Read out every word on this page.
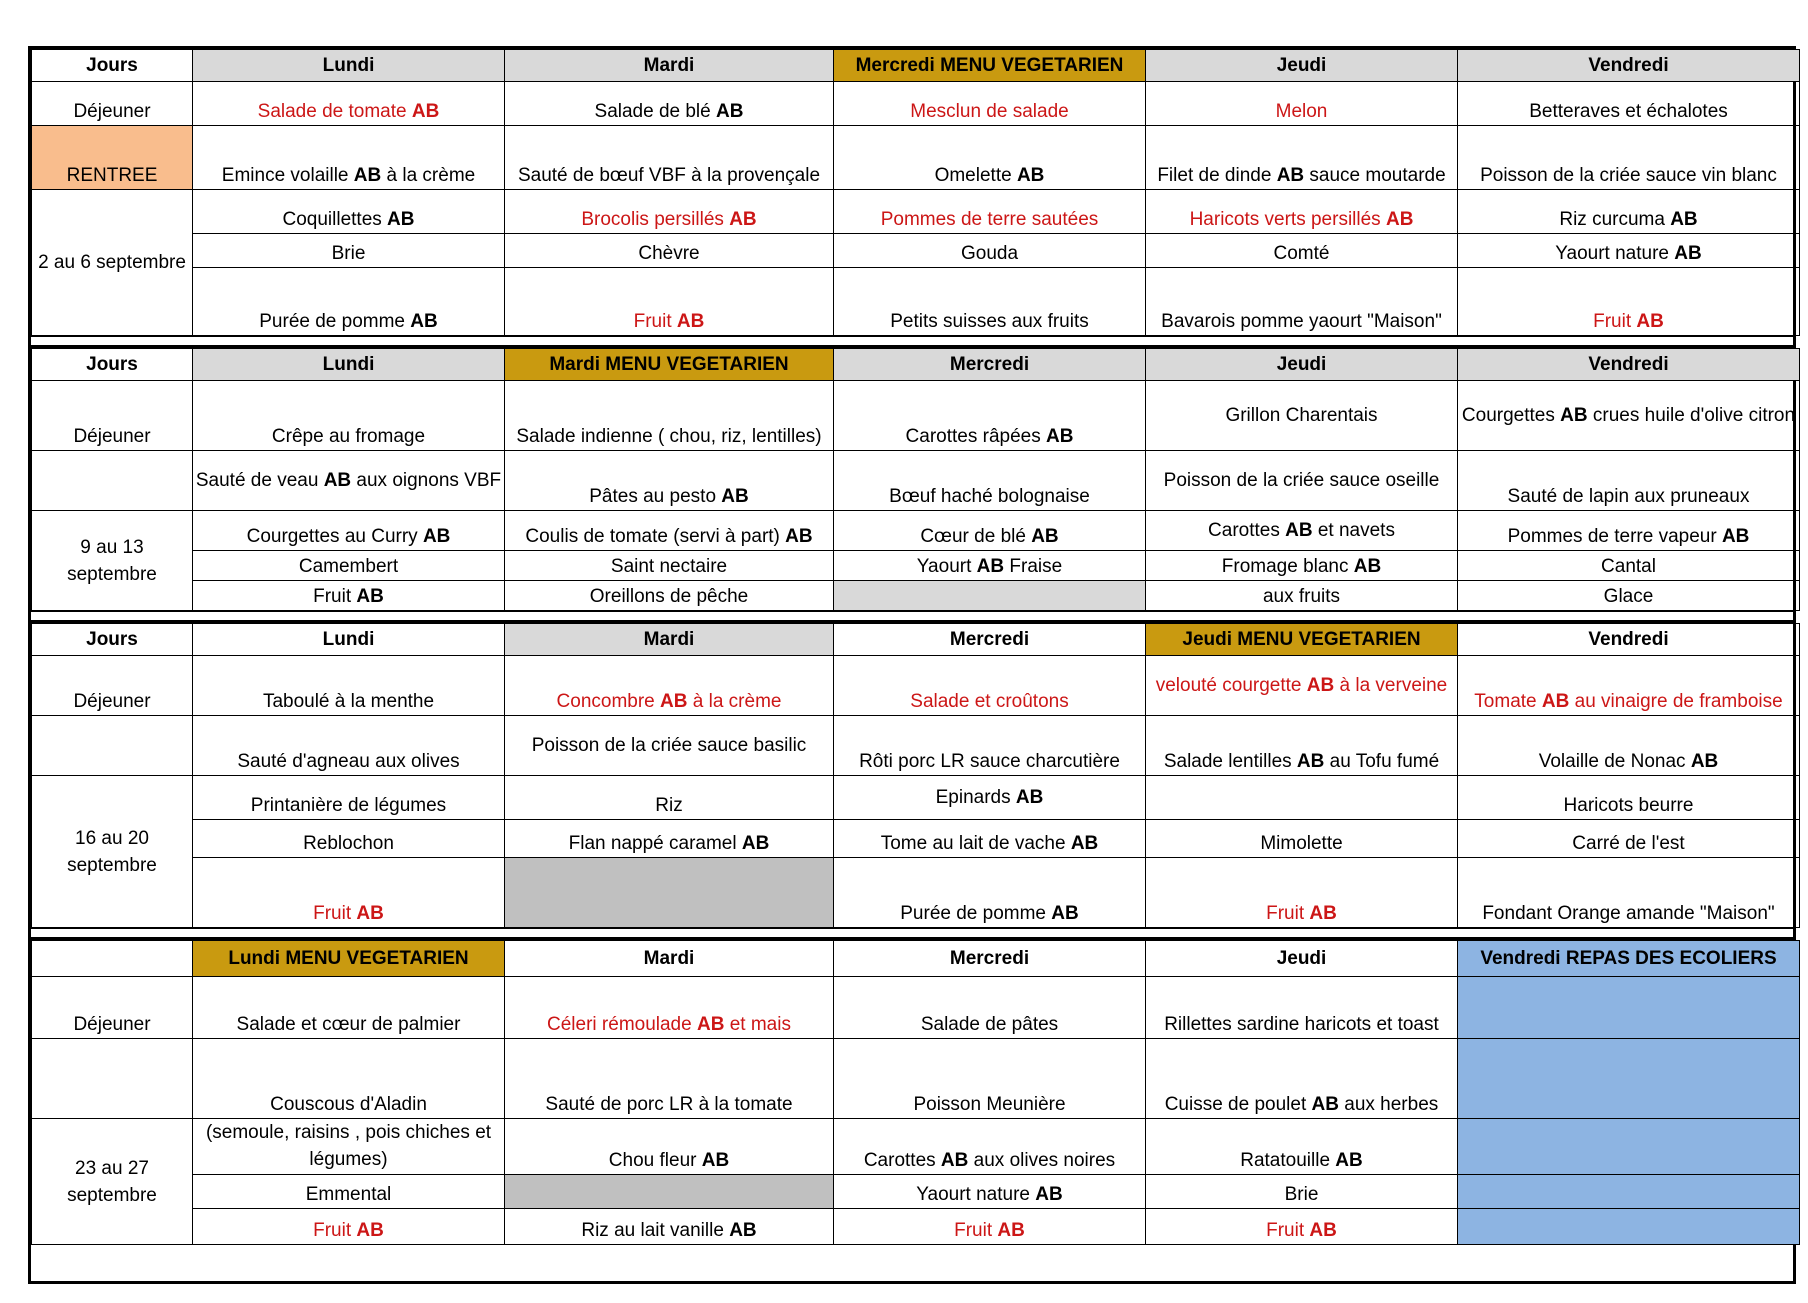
Jours	Lundi	Mardi	Mercredi MENU VEGETARIEN	Jeudi	Vendredi
Déjeuner	Salade de tomate AB	Salade de blé AB	Mesclun de salade	Melon	Betteraves et échalotes
RENTREE	Emince volaille AB à la crème	Sauté de bœuf VBF à la provençale	Omelette AB	Filet de dinde AB sauce moutarde	Poisson de la criée sauce vin blanc
2 au 6 septembre	Coquillettes AB	Brocolis persillés AB	Pommes de terre sautées	Haricots verts persillés AB	Riz curcuma AB
	Brie	Chèvre	Gouda	Comté	Yaourt nature AB
	Purée de pomme AB	Fruit AB	Petits suisses aux fruits	Bavarois pomme yaourt "Maison"	Fruit AB
Jours	Lundi	Mardi MENU VEGETARIEN	Mercredi	Jeudi	Vendredi
Déjeuner	Crêpe au fromage	Salade indienne ( chou, riz, lentilles)	Carottes râpées AB	Grillon Charentais	Courgettes AB crues huile d'olive citron
	Sauté de veau AB aux oignons VBF	Pâtes au pesto AB	Bœuf haché bolognaise	Poisson de la criée sauce oseille	Sauté de lapin aux pruneaux
9 au 13 septembre	Courgettes au Curry AB	Coulis de tomate (servi à part) AB	Cœur de blé AB	Carottes AB et navets	Pommes de terre vapeur AB
	Camembert	Saint nectaire	Yaourt AB Fraise	Fromage blanc AB	Cantal
	Fruit AB	Oreillons de pêche		aux fruits	Glace
Jours	Lundi	Mardi	Mercredi	Jeudi MENU VEGETARIEN	Vendredi
Déjeuner	Taboulé à la menthe	Concombre AB à la crème	Salade et croûtons	velouté courgette AB à la verveine	Tomate AB au vinaigre de framboise
	Sauté d'agneau aux olives	Poisson de la criée sauce basilic	Rôti porc LR sauce charcutière	Salade lentilles AB au Tofu fumé	Volaille de Nonac AB
16 au 20 septembre	Printanière de légumes	Riz	Epinards AB		Haricots beurre
	Reblochon	Flan nappé caramel AB	Tome au lait de vache AB	Mimolette	Carré de l'est
	Fruit AB		Purée de pomme AB	Fruit AB	Fondant Orange amande "Maison"
	Lundi MENU VEGETARIEN	Mardi	Mercredi	Jeudi	Vendredi REPAS DES ECOLIERS
Déjeuner	Salade et cœur de palmier	Céleri rémoulade AB et mais	Salade de pâtes	Rillettes sardine haricots et toast	
	Couscous d'Aladin	Sauté de porc LR à la tomate	Poisson Meunière	Cuisse de poulet AB aux herbes	
23 au 27 septembre	(semoule, raisins , pois chiches et légumes)	Chou fleur AB	Carottes AB aux olives noires	Ratatouille AB	
	Emmental		Yaourt nature AB	Brie	
	Fruit AB	Riz au lait vanille AB	Fruit AB	Fruit AB	
